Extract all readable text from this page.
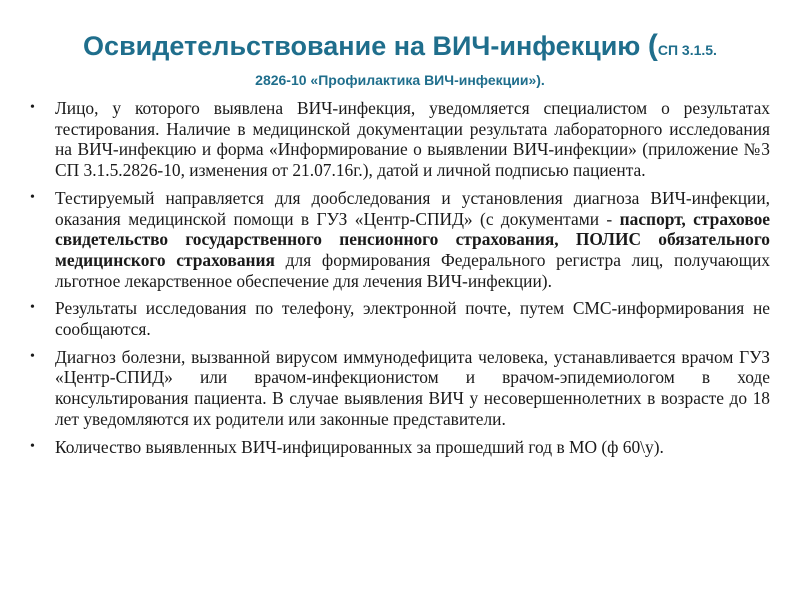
Освидетельствование на ВИЧ-инфекцию (СП 3.1.5.
2826-10 «Профилактика ВИЧ-инфекции»).
• Лицо, у которого выявлена ВИЧ-инфекция, уведомляется специалистом о результатах тестирования. Наличие в медицинской документации результата лабораторного исследования на ВИЧ-инфекцию и форма «Информирование о выявлении ВИЧ-инфекции» (приложение №3 СП 3.1.5.2826-10, изменения от 21.07.16г.), датой и личной подписью пациента.
• Тестируемый направляется для дообследования и установления диагноза ВИЧ-инфекции, оказания медицинской помощи в ГУЗ «Центр-СПИД» (с документами - паспорт, страховое свидетельство государственного пенсионного страхования, ПОЛИС обязательного медицинского страхования для формирования Федерального регистра лиц, получающих льготное лекарственное обеспечение для лечения ВИЧ-инфекции).
• Результаты исследования по телефону, электронной почте, путем СМС-информирования не сообщаются.
• Диагноз болезни, вызванной вирусом иммунодефицита человека, устанавливается врачом ГУЗ «Центр-СПИД» или врачом-инфекционистом и врачом-эпидемиологом в ходе консультирования пациента. В случае выявления ВИЧ у несовершеннолетних в возрасте до 18 лет уведомляются их родители или законные представители.
• Количество выявленных ВИЧ-инфицированных за прошедший год в МО (ф 60\у).
